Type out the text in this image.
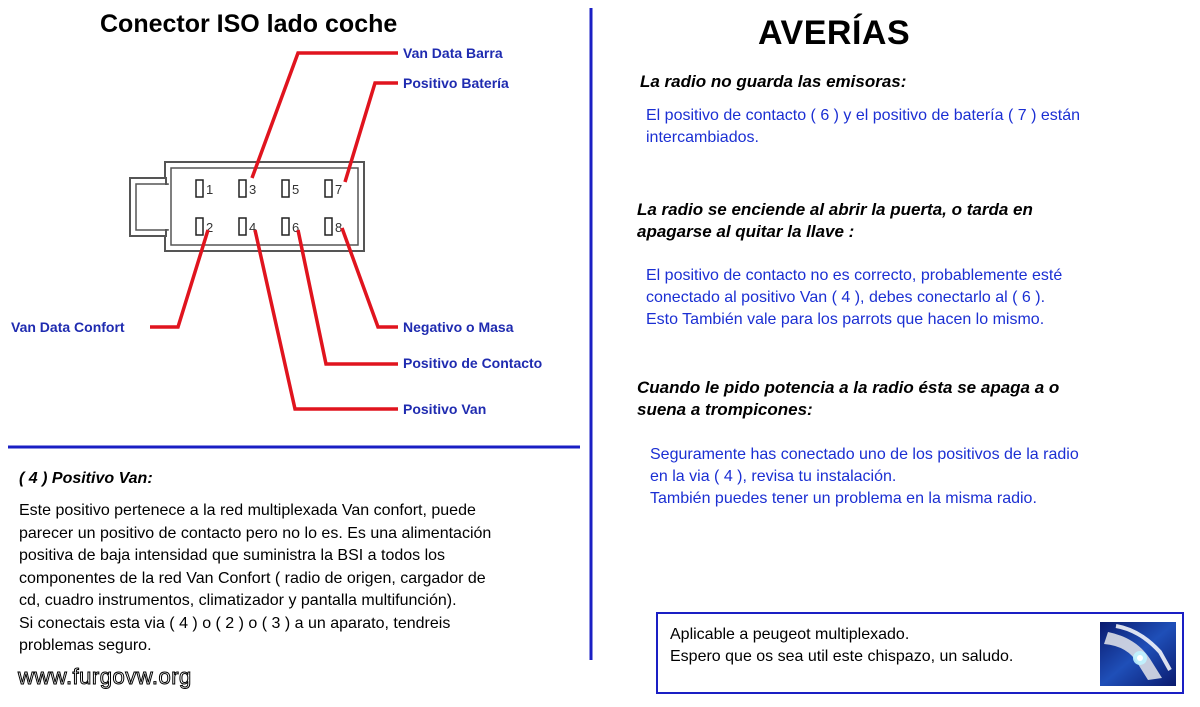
1
2
3
4
5
6
7
8
Conector ISO lado coche
Van Data Barra
Positivo Batería
Van Data Confort	Negativo o Masa
Positivo de Contacto
Positivo Van
( 4 ) Positivo Van:
Este positivo pertenece a la red multiplexada Van confort, puede
parecer un positivo de contacto pero no lo es. Es una alimentación
positiva de baja intensidad que suministra la BSI a todos los
componentes de la red Van Confort ( radio de origen, cargador de
cd, cuadro instrumentos, climatizador y pantalla multifunción).
Si conectais esta via ( 4 ) o ( 2 ) o ( 3 ) a un aparato, tendreis
problemas seguro.
www.furgovw.org
AVERÍAS
La radio no guarda las emisoras:
El positivo de contacto ( 6 ) y el positivo de batería ( 7 ) están
intercambiados.
La radio se enciende al abrir la puerta, o tarda en
apagarse al quitar la llave :
El positivo de contacto no es correcto, probablemente esté
conectado al positivo Van ( 4 ), debes conectarlo al ( 6 ).
Esto También vale para los parrots que hacen lo mismo.
Cuando le pido potencia a la radio ésta se apaga a o
suena a trompicones:
Seguramente has conectado uno de los positivos de la radio
en la via ( 4 ), revisa tu instalación.
También puedes tener un problema en la misma radio.
Aplicable a peugeot multiplexado.
Espero que os sea util este chispazo, un saludo.
